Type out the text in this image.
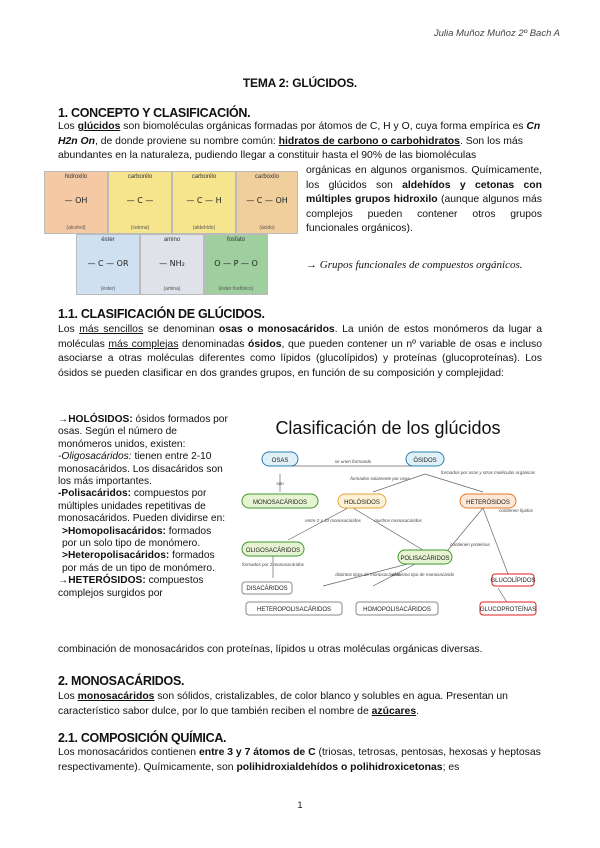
Julia Muñoz Muñoz 2º Bach A
TEMA 2: GLÚCIDOS.
1. CONCEPTO Y CLASIFICACIÓN.

Los glúcidos son biomoléculas orgánicas formadas por átomos de C, H y O, cuya forma empírica es Cn H2n On, de donde proviene su nombre común: hidratos de carbono o carbohidratos. Son los más abundantes en la naturaleza, pudiendo llegar a constituir hasta el 90% de las biomoléculas

hidroxilo
— OH
(alcohol)
carbonilo
— C —
(cetona)
carbonilo
— C — H
(aldehído)
carboxilo
— C — OH
(ácido)
éster
— C — OR
(éster)
amino
— NH₂
(amina)
fosfato
O — P — O
(éster fosfórico)

orgánicas en algunos organismos. Químicamente, los glúcidos son aldehídos y cetonas con múltiples grupos hidroxilo (aunque algunos más complejos pueden contener otros grupos funcionales orgánicos).

→ Grupos funcionales de compuestos orgánicos.

1.1. CLASIFICACIÓN DE GLÚCIDOS.

Los más sencillos se denominan osas o monosacáridos. La unión de estos monómeros da lugar a moléculas más complejas denominadas ósidos, que pueden contener un nº variable de osas e incluso asociarse a otras moléculas diferentes como lípidos (glucolípidos) y proteínas (glucoproteínas). Los ósidos se pueden clasificar en dos grandes grupos, en función de su composición y complejidad:

→HOLÓSIDOS: ósidos formados por osas. Según el número de monómeros unidos, existen:

-Oligosacáridos: tienen entre 2-10 monosacáridos. Los disacáridos son los más importantes.

-Polisacáridos: compuestos por múltiples unidades repetitivas de monosacáridos. Pueden dividirse en:

>Homopolisacáridos: formados por un solo tipo de monómero.

>Heteropolisacáridos: formados por más de un tipo de monómero.

→HETERÓSIDOS: compuestos complejos surgidos por

combinación de monosacáridos con proteínas, lípidos u otras moléculas orgánicas diversas.

Clasificación de los glúcidos
se unen formando
son
formados solamente por osas
formados por osas y otras moléculas orgánicas
entre 2 y 10 monosacáridos	muchos monosacáridos
formados por 2 monosacáridos
distintos tipos de monosacáridos
el mismo tipo de monosacárido
contienen proteínas
contienen lípidos
OSAS	ÓSIDOS
MONOSACÁRIDOS	HOLÓSIDOS	HETERÓSIDOS
OLIGOSACÁRIDOS
POLISACÁRIDOS
DISACÁRIDOS
GLUCOLÍPIDOS
HETEROPOLISACÁRIDOS	HOMOPOLISACÁRIDOS	GLUCOPROTEÍNAS
2. MONOSACÁRIDOS.

Los monosacáridos son sólidos, cristalizables, de color blanco y solubles en agua. Presentan un característico sabor dulce, por lo que también reciben el nombre de azúcares.

2.1. COMPOSICIÓN QUÍMICA.

Los monosacáridos contienen entre 3 y 7 átomos de C (triosas, tetrosas, pentosas, hexosas y heptosas respectivamente). Químicamente, son polihidroxialdehídos o polihidroxicetonas; es

1
